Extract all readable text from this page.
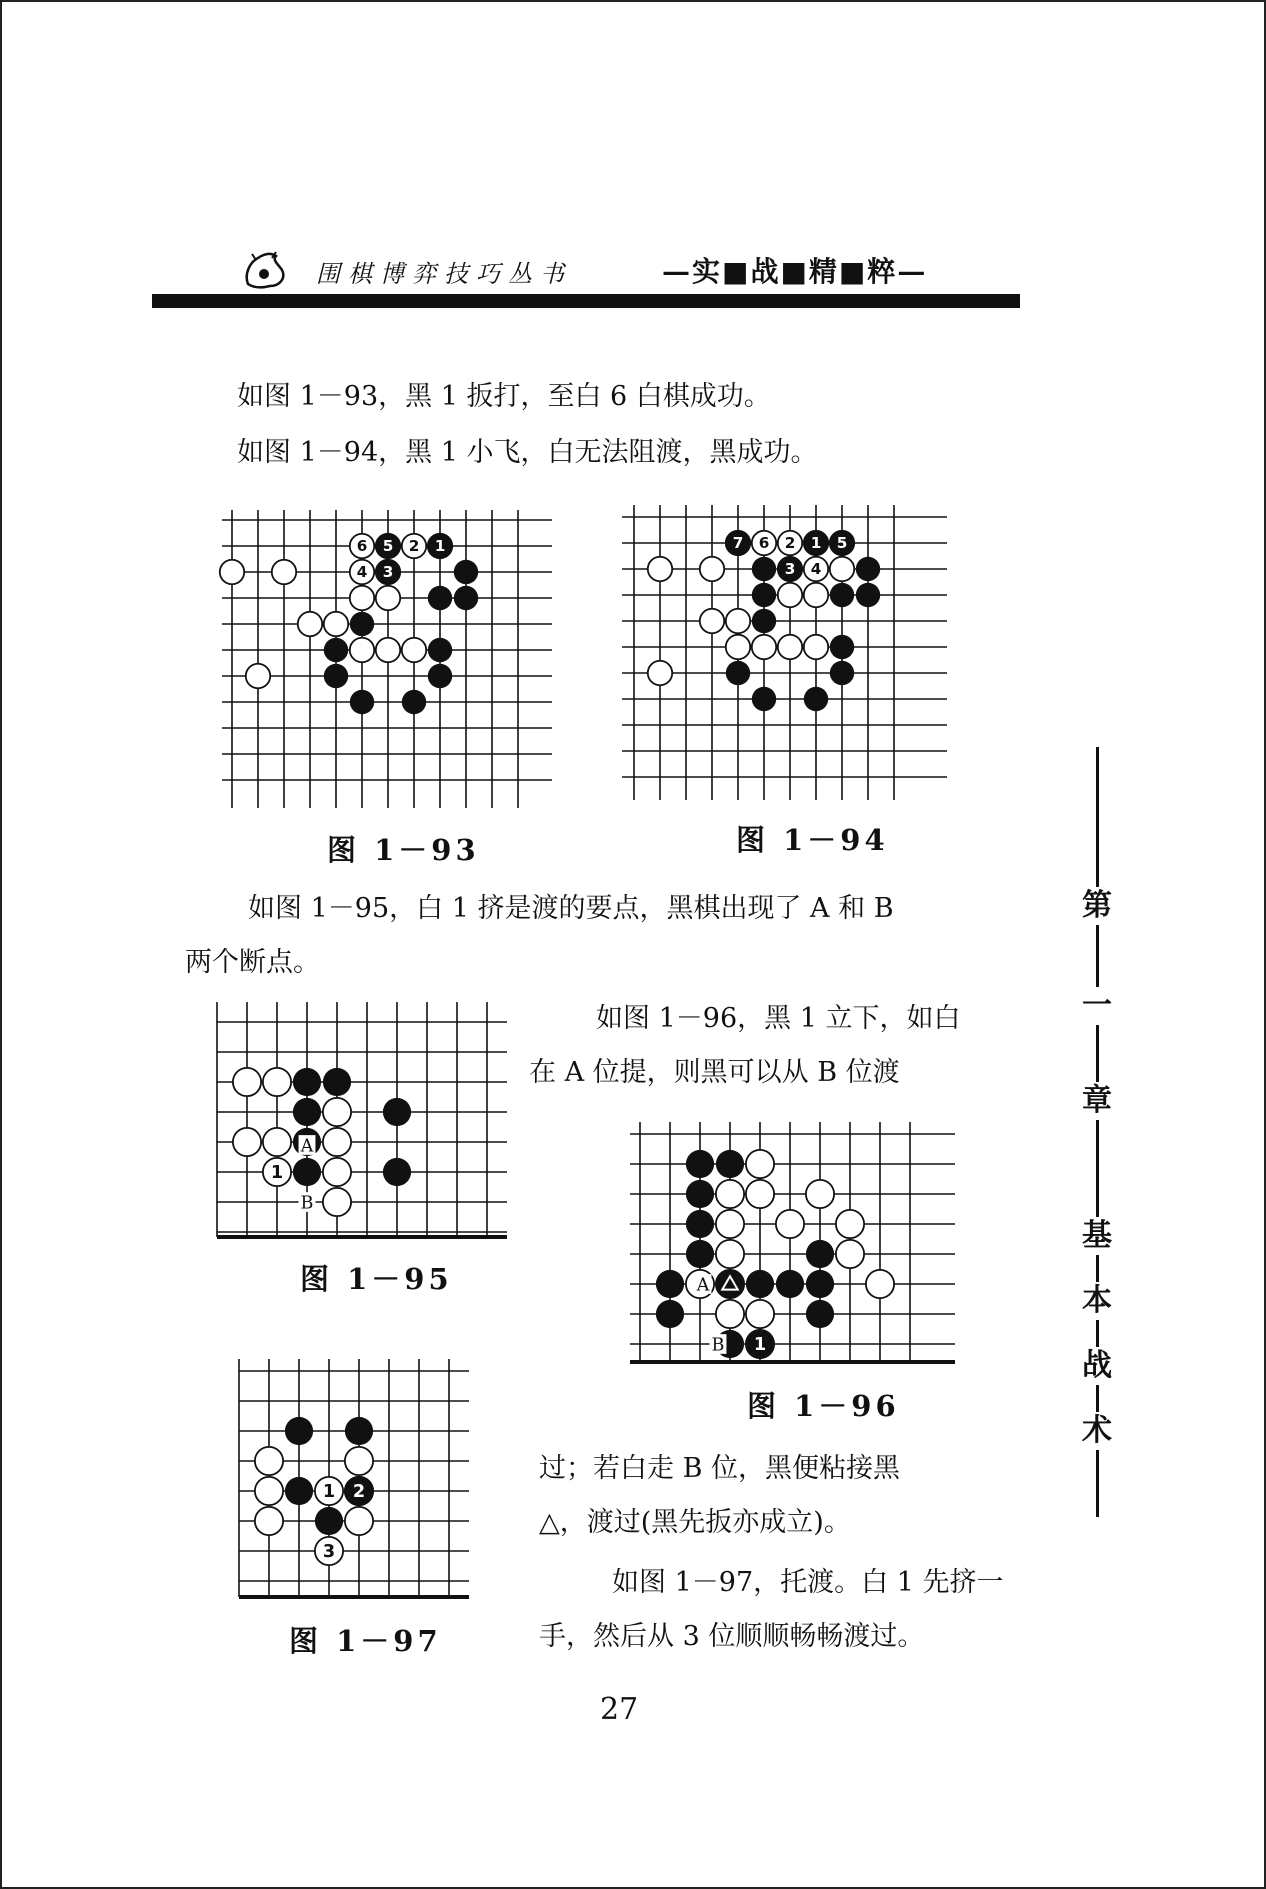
围棋博弈技巧丛书	—实■战■精■粹—
如图 1－93，黑 1 扳打，至白 6 白棋成功。
如图 1－94，黑 1 小飞，白无法阻渡，黑成功。
1
2
3
4
5
6
图 1－93
1
2
3 4
5
6
7
图 1－94
如图 1－95，白 1 挤是渡的要点，黑棋出现了 A 和 B
两个断点。
1
A
B
图 1－95
如图 1－96，黑 1 立下，如白
在 A 位提，则黑可以从 B 位渡
1
A
B
图 1－96
1 2
3
图 1－97
过；若白走 B 位，黑便粘接黑
△，渡过(黑先扳亦成立)。
如图 1－97，托渡。白 1 先挤一
手，然后从 3 位顺顺畅畅渡过。
第
一
章
基
本
战
术
27
